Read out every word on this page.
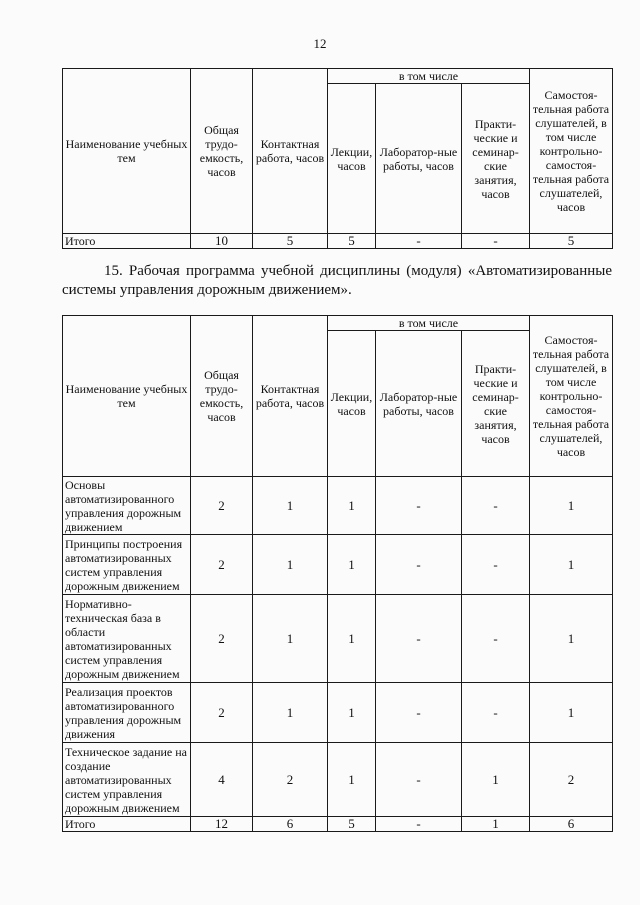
12
Наименование учебных тем	Общая трудо-емкость, часов	Контактная работа, часов	в том числе			Самостоя-тельная работа слушателей, в том числе контрольно-самостоя-тельная работа слушателей, часов
			Лекции, часов	Лаборатор-ные работы, часов	Практи-ческие и семинар-ские занятия, часов	
Итого	10	5	5	-	-	5
15. Рабочая программа учебной дисциплины (модуля) «Автоматизированные системы управления дорожным движением».
Наименование учебных тем	Общая трудо-емкость, часов	Контактная работа, часов	в том числе			Самостоя-тельная работа слушателей, в том числе контрольно-самостоя-тельная работа слушателей, часов
			Лекции, часов	Лаборатор-ные работы, часов	Практи-ческие и семинар-ские занятия, часов	
Основы автоматизированного управления дорожным движением	2	1	1	-	-	1
Принципы построения автоматизированных систем управления дорожным движением	2	1	1	-	-	1
Нормативно-техническая база в области автоматизированных систем управления дорожным движением	2	1	1	-	-	1
Реализация проектов автоматизированного управления дорожным движения	2	1	1	-	-	1
Техническое задание на создание автоматизированных систем управления дорожным движением	4	2	1	-	1	2
Итого	12	6	5	-	1	6
